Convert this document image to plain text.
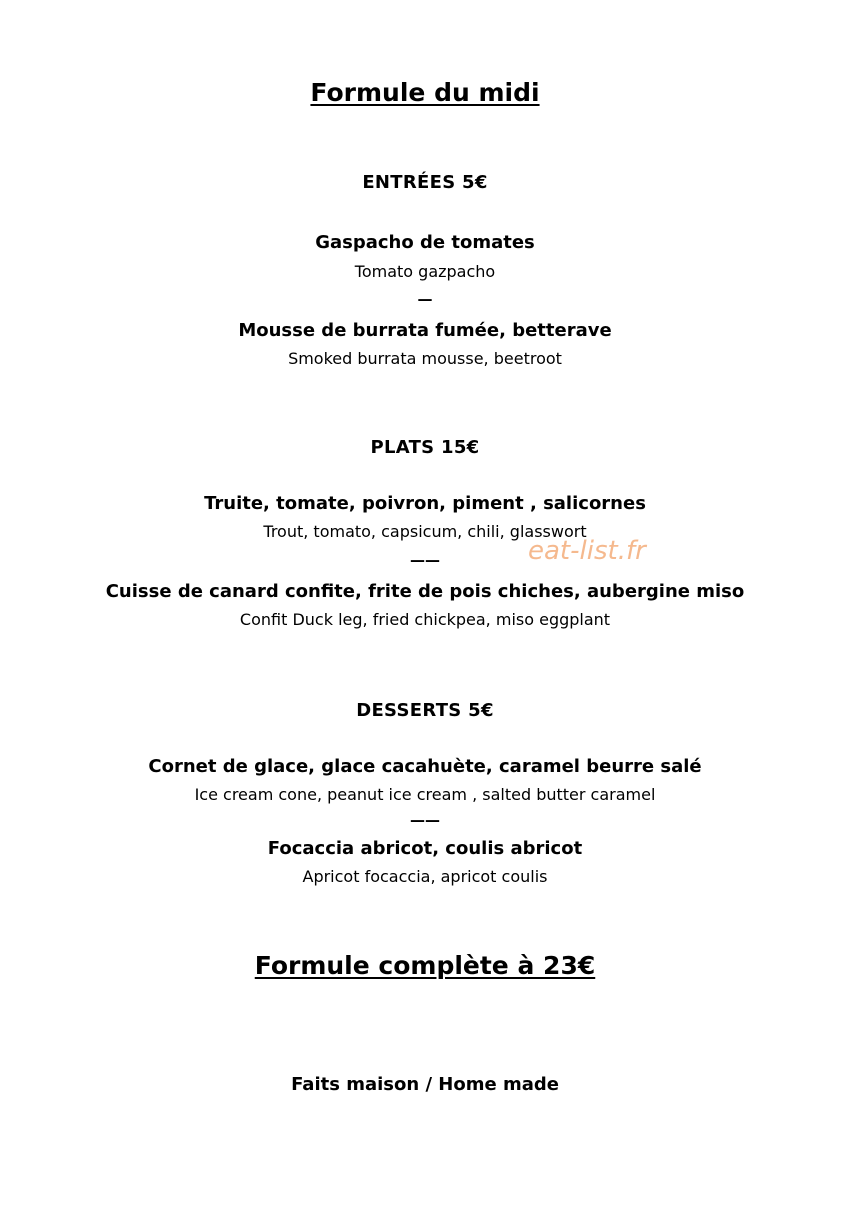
Formule du midi
ENTRÉES 5€
Gaspacho de tomates
Tomato gazpacho
—
Mousse de burrata fumée, betterave
Smoked burrata mousse, beetroot
PLATS 15€
Truite, tomate, poivron, piment , salicornes
Trout, tomato, capsicum, chili, glasswort
——
Cuisse de canard confite, frite de pois chiches, aubergine miso
Confit Duck leg, fried chickpea, miso eggplant
DESSERTS 5€
Cornet de glace, glace cacahuète, caramel beurre salé
Ice cream cone, peanut ice cream , salted butter caramel
——
Focaccia abricot, coulis abricot
Apricot focaccia, apricot coulis
Formule complète à 23€
Faits maison / Home made
eat-list.fr
